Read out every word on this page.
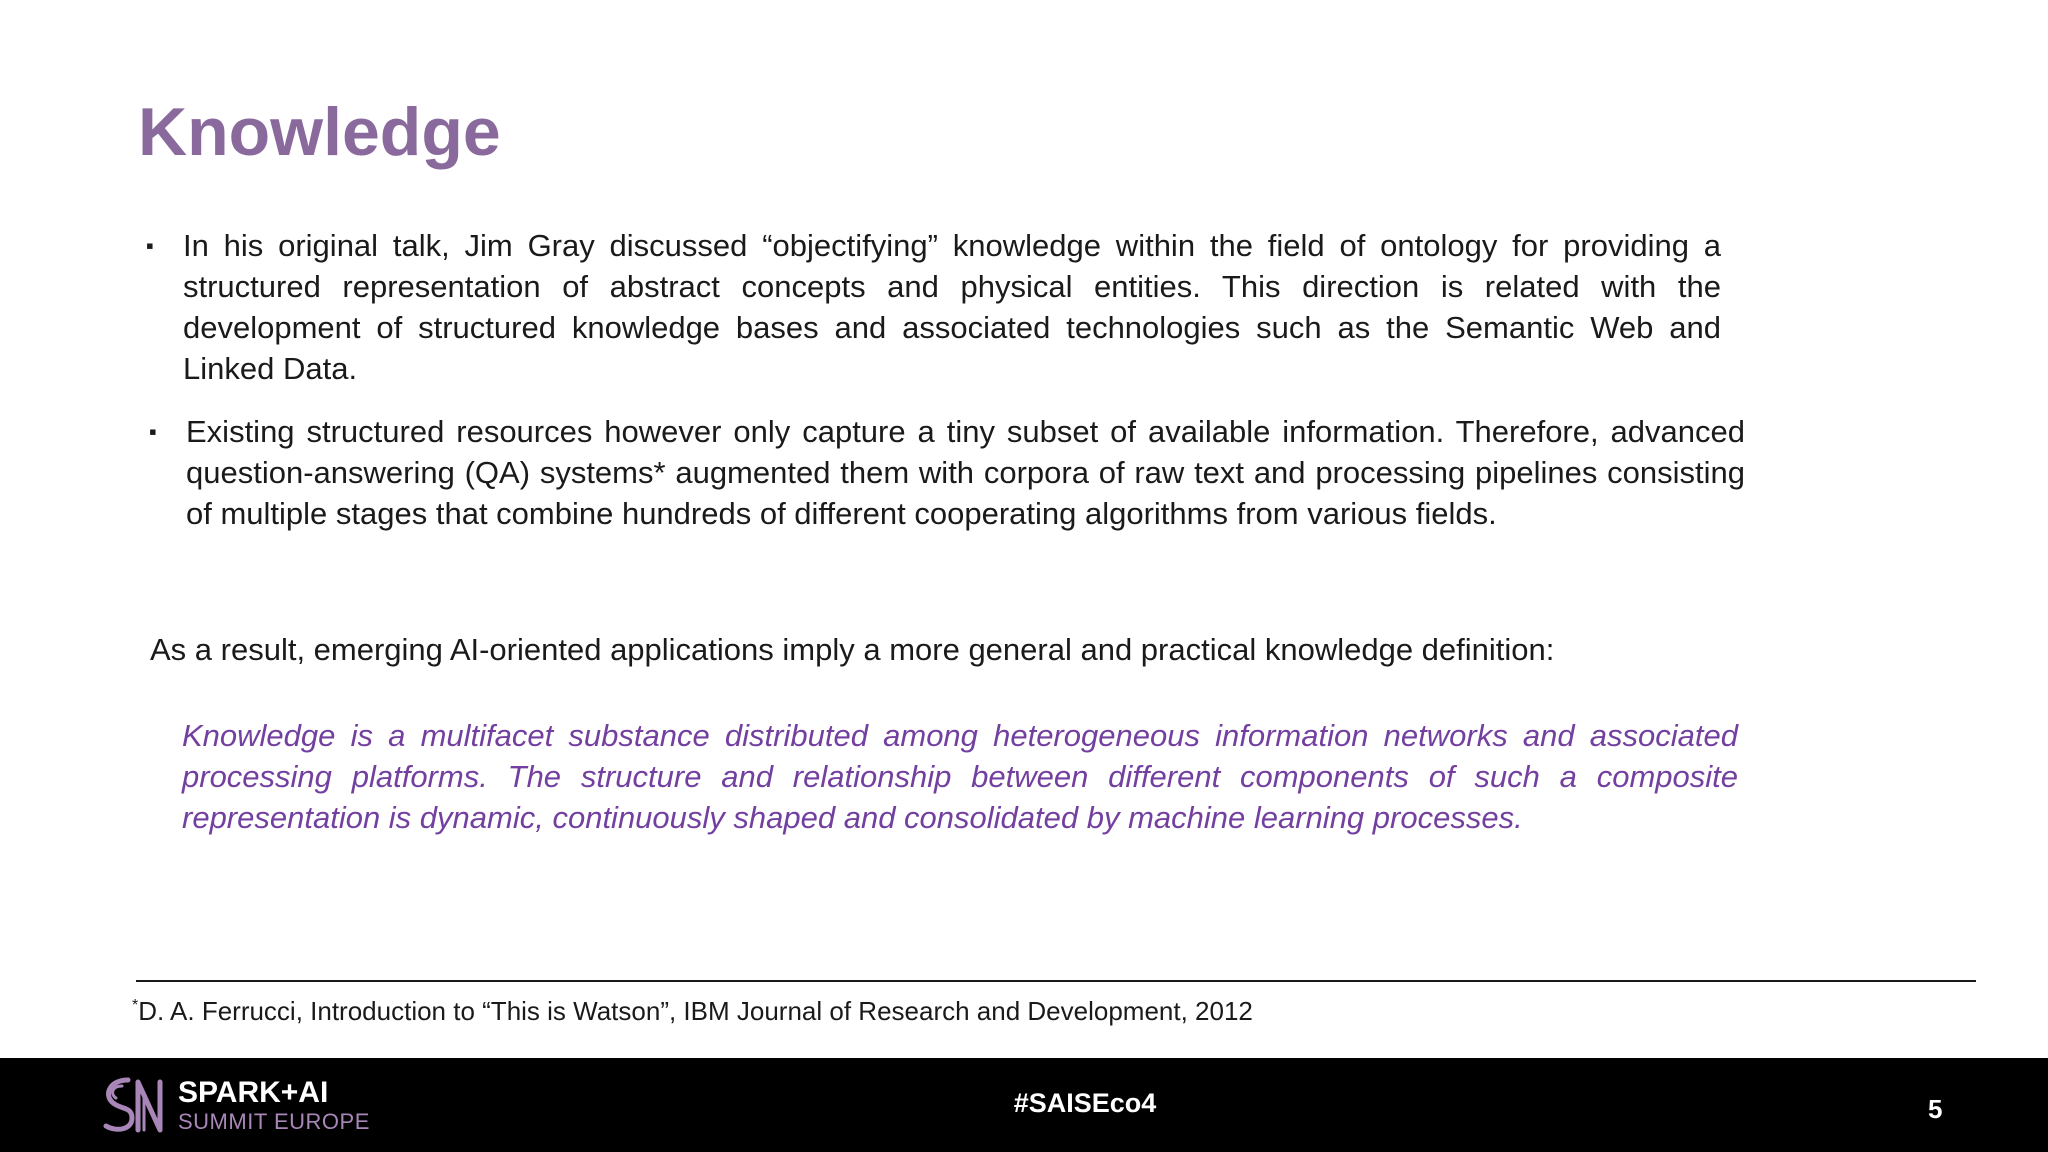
Knowledge
▪ In his original talk, Jim Gray discussed “objectifying” knowledge within the field of ontology for providing a structured representation of abstract concepts and physical entities. This direction is related with the development of structured knowledge bases and associated technologies such as the Semantic Web and Linked Data.
▪ Existing structured resources however only capture a tiny subset of available information. Therefore, advanced question-answering (QA) systems* augmented them with corpora of raw text and processing pipelines consisting of multiple stages that combine hundreds of different cooperating algorithms from various fields.
As a result, emerging AI-oriented applications imply a more general and practical knowledge definition:
Knowledge is a multifacet substance distributed among heterogeneous information networks and associated processing platforms. The structure and relationship between different components of such a composite representation is dynamic, continuously shaped and consolidated by machine learning processes.
*D. A. Ferrucci, Introduction to “This is Watson”, IBM Journal of Research and Development, 2012
SPARK+AI
SUMMIT EUROPE
#SAISEco4	5
